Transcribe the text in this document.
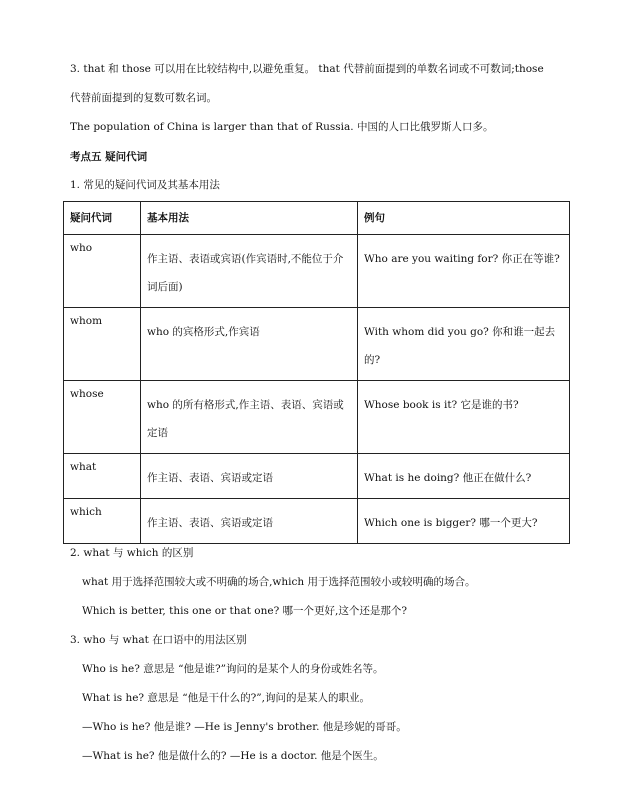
3. that 和 those 可以用在比较结构中,以避免重复。 that 代替前面提到的单数名词或不可数词;those
代替前面提到的复数可数名词。
The population of China is larger than that of Russia. 中国的人口比俄罗斯人口多。
考点五 疑问代词
1. 常见的疑问代词及其基本用法
疑问代词	基本用法	例句
who	作主语、表语或宾语(作宾语时,不能位于介词后面)	Who are you waiting for? 你正在等谁?
whom	who 的宾格形式,作宾语	With whom did you go? 你和谁一起去的?
whose	who 的所有格形式,作主语、表语、宾语或定语	Whose book is it? 它是谁的书?
what	作主语、表语、宾语或定语	What is he doing? 他正在做什么?
which	作主语、表语、宾语或定语	Which one is bigger? 哪一个更大?
2. what 与 which 的区别
what 用于选择范围较大或不明确的场合,which 用于选择范围较小或较明确的场合。
Which is better, this one or that one? 哪一个更好,这个还是那个?
3. who 与 what 在口语中的用法区别
Who is he? 意思是 “他是谁?”询问的是某个人的身份或姓名等。
What is he? 意思是 “他是干什么的?”,询问的是某人的职业。
—Who is he? 他是谁? —He is Jenny's brother. 他是珍妮的哥哥。
—What is he? 他是做什么的? —He is a doctor. 他是个医生。
